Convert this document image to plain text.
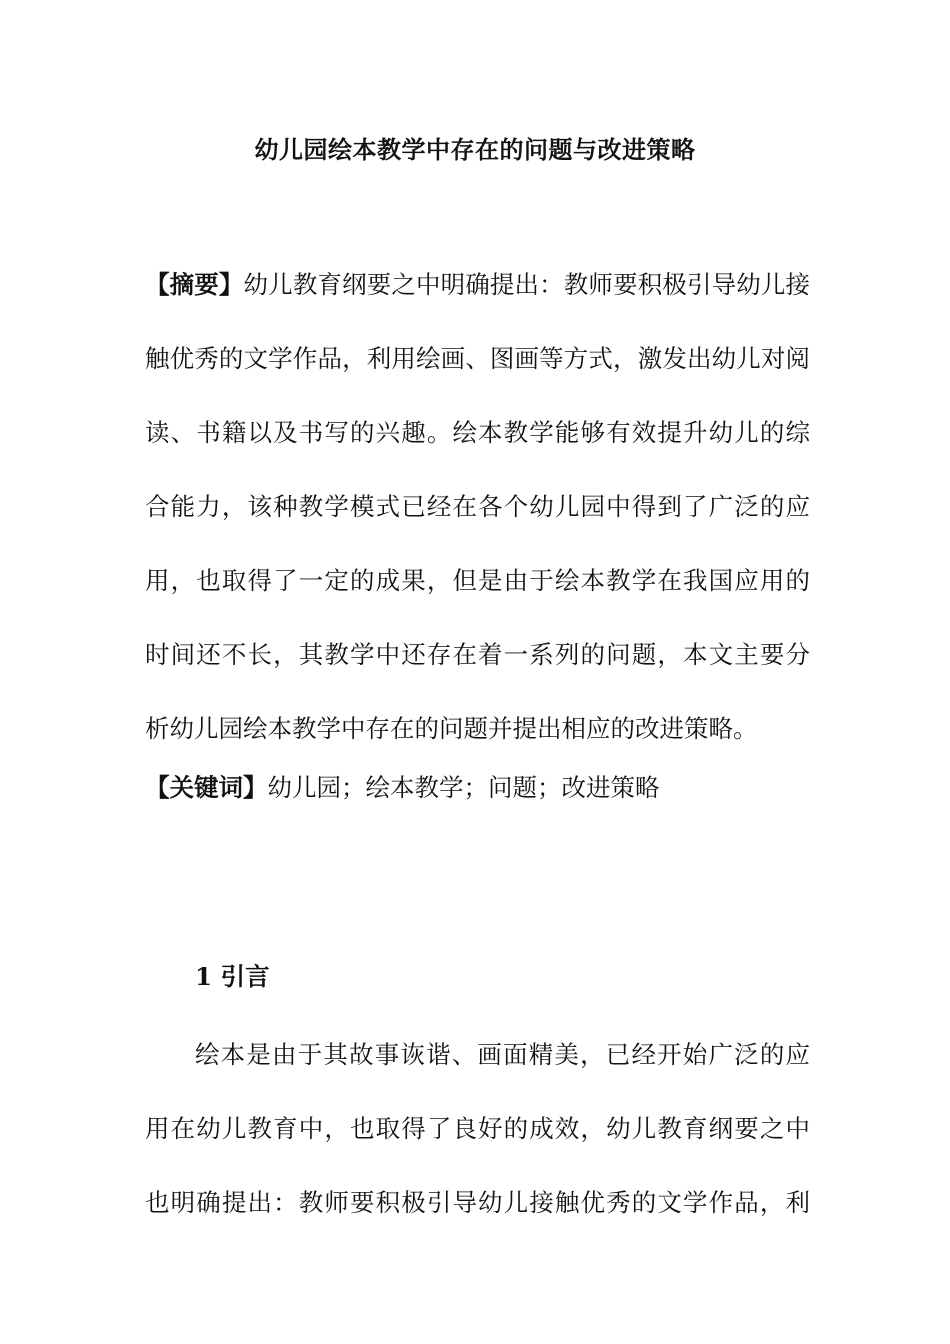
幼儿园绘本教学中存在的问题与改进策略
【摘要】幼儿教育纲要之中明确提出：教师要积极引导幼儿接
触优秀的文学作品，利用绘画、图画等方式，激发出幼儿对阅
读、书籍以及书写的兴趣。绘本教学能够有效提升幼儿的综
合能力，该种教学模式已经在各个幼儿园中得到了广泛的应
用，也取得了一定的成果，但是由于绘本教学在我国应用的
时间还不长，其教学中还存在着一系列的问题，本文主要分
析幼儿园绘本教学中存在的问题并提出相应的改进策略。
【关键词】幼儿园；绘本教学；问题；改进策略
1 引言
绘本是由于其故事诙谐、画面精美，已经开始广泛的应
用在幼儿教育中，也取得了良好的成效，幼儿教育纲要之中
也明确提出：教师要积极引导幼儿接触优秀的文学作品，利
